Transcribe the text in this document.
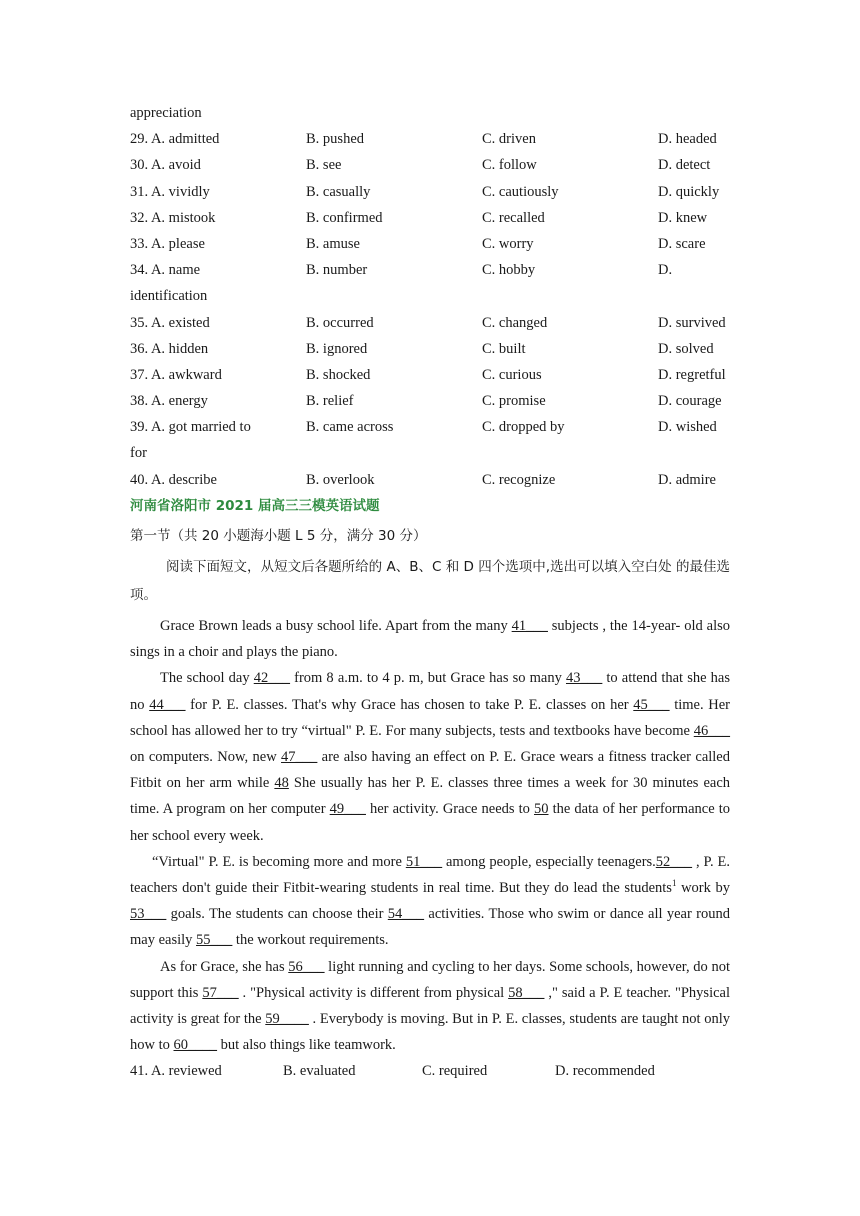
appreciation
29. A. admitted	B. pushed	C. driven	D. headed
30. A. avoid	B. see	C. follow	D. detect
31. A. vividly	B. casually	C. cautiously	D. quickly
32. A. mistook	B. confirmed	C. recalled	D. knew
33. A. please	B. amuse	C. worry	D. scare
34. A. name	B. number	C. hobby	D.
identification
35. A. existed	B. occurred	C. changed	D. survived
36. A. hidden	B. ignored	C. built	D. solved
37. A. awkward	B. shocked	C. curious	D. regretful
38. A. energy	B. relief	C. promise	D. courage
39. A. got married to	B. came across	C. dropped by	D. wished
for
40. A. describe	B. overlook	C. recognize	D. admire
河南省洛阳市 2021 届高三三模英语试题
第一节（共 20 小题海小题 L 5 分，满分 30 分）
阅读下面短文，从短文后各题所给的 A、B、C 和 D 四个选项中,选出可以填入空白处 的最佳选项。

Grace Brown leads a busy school life. Apart from the many 41___ subjects , the 14-year- old also sings in a choir and plays the piano.

The school day 42___ from 8 a.m. to 4 p. m, but Grace has so many 43___ to attend that she has no 44___ for P. E. classes. That's why Grace has chosen to take P. E. classes on her 45___ time. Her school has allowed her to try “virtual" P. E. For many subjects, tests and textbooks have become 46___ on computers. Now, new 47___ are also having an effect on P. E. Grace wears a fitness tracker called Fitbit on her arm while 48 She usually has her P. E. classes three times a week for 30 minutes each time. A program on her computer 49___ her activity. Grace needs to 50 the data of her performance to her school every week.

“Virtual" P. E. is becoming more and more 51___ among people, especially teenagers.52___ , P. E. teachers don't guide their Fitbit-wearing students in real time. But they do lead the students$^1$ work by 53___ goals. The students can choose their 54___ activities. Those who swim or dance all year round may easily 55___ the workout requirements.

As for Grace, she has 56___ light running and cycling to her days. Some schools, however, do not support this 57___ . "Physical activity is different from physical 58___ ," said a P. E teacher. "Physical activity is great for the 59____ . Everybody is moving. But in P. E. classes, students are taught not only how to 60____ but also things like teamwork.

41. A. reviewed	B. evaluated	C. required	D. recommended
